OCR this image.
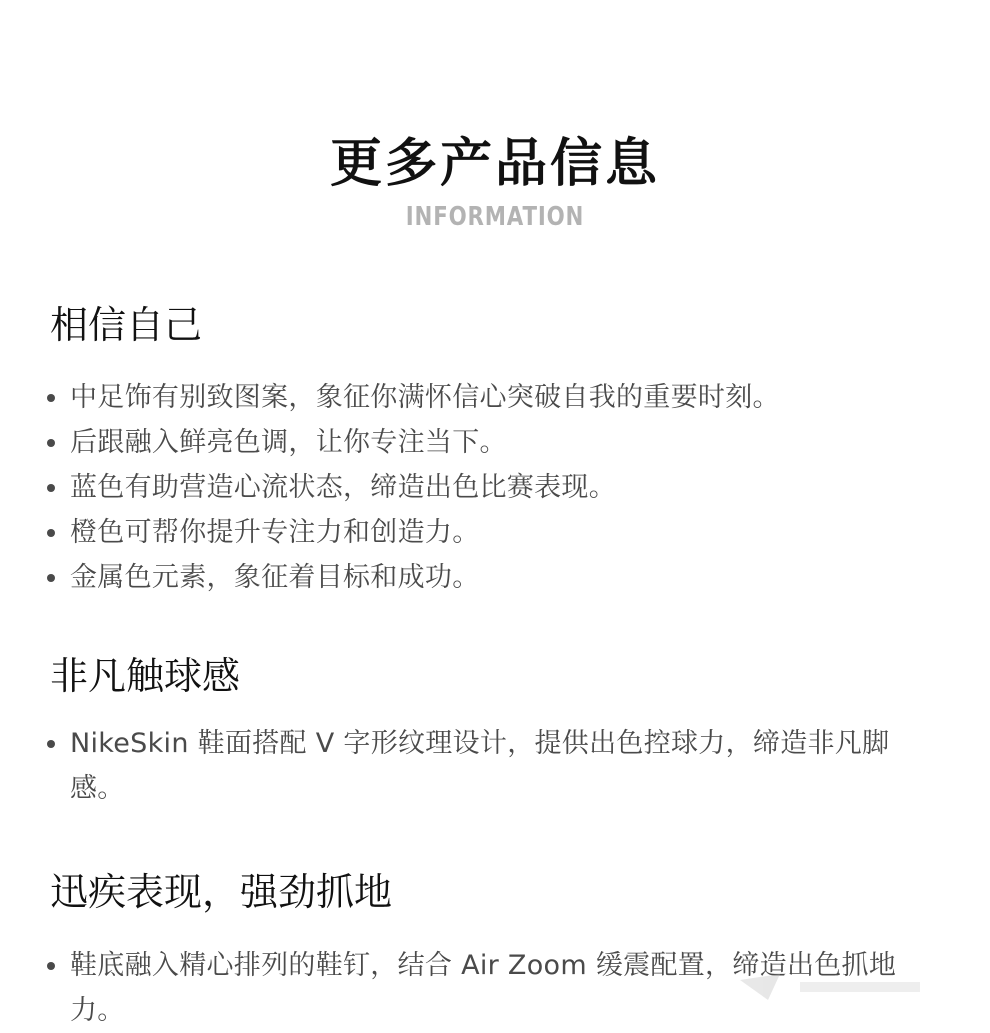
更多产品信息
INFORMATION
相信自己
中足饰有别致图案，象征你满怀信心突破自我的重要时刻。
后跟融入鲜亮色调，让你专注当下。
蓝色有助营造心流状态，缔造出色比赛表现。
橙色可帮你提升专注力和创造力。
金属色元素，象征着目标和成功。
非凡触球感
NikeSkin 鞋面搭配 V 字形纹理设计，提供出色控球力，缔造非凡脚感。
迅疾表现，强劲抓地
鞋底融入精心排列的鞋钉，结合 Air Zoom 缓震配置，缔造出色抓地力。
